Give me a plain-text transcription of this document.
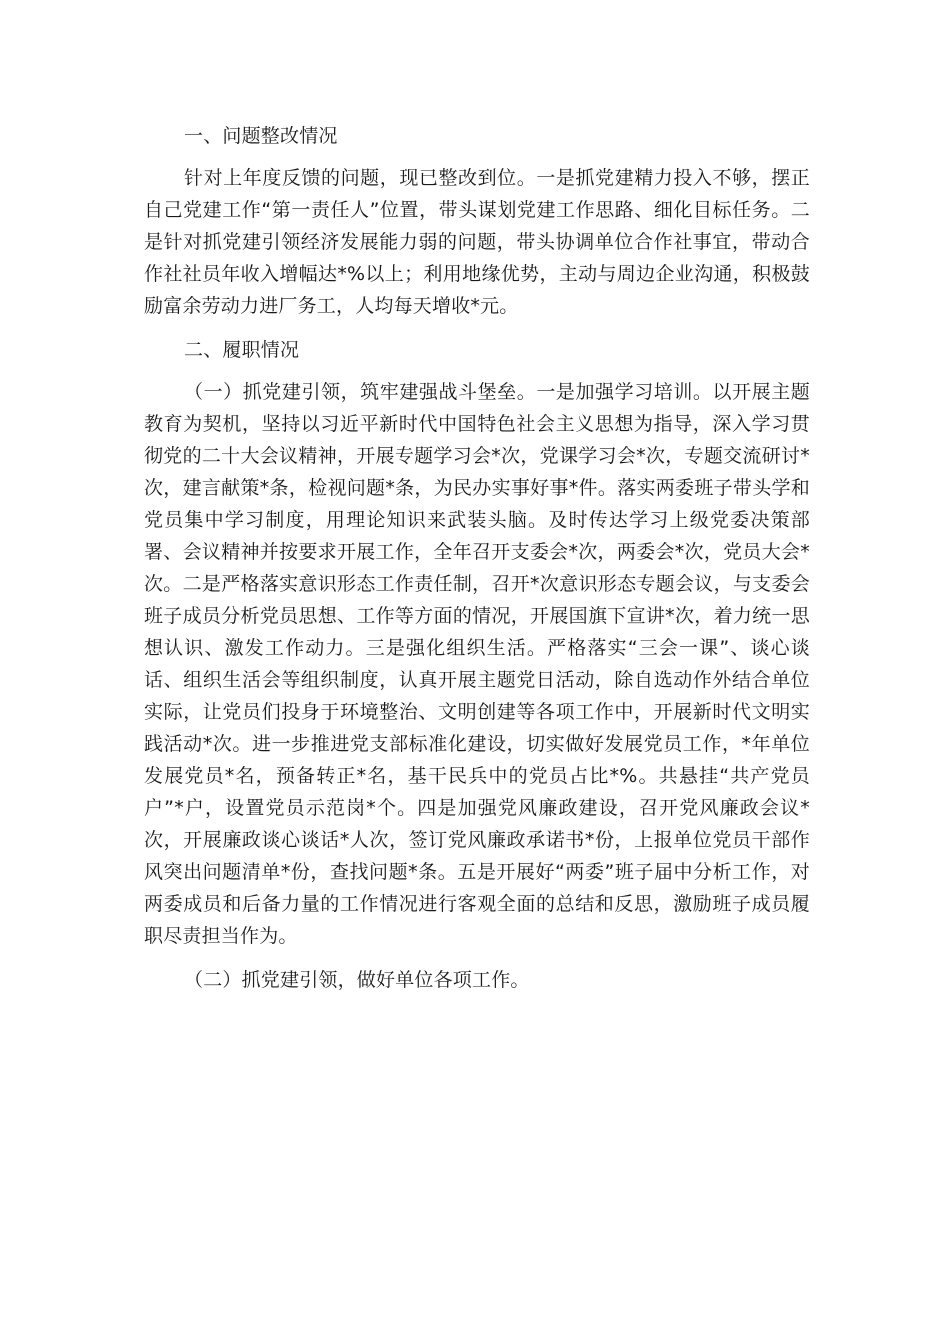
一、问题整改情况

针对上年度反馈的问题，现已整改到位。一是抓党建精力投入不够，摆正自己党建工作“第一责任人”位置，带头谋划党建工作思路、细化目标任务。二是针对抓党建引领经济发展能力弱的问题，带头协调单位合作社事宜，带动合作社社员年收入增幅达*%以上；利用地缘优势，主动与周边企业沟通，积极鼓励富余劳动力进厂务工，人均每天增收*元。

二、履职情况

（一）抓党建引领，筑牢建强战斗堡垒。一是加强学习培训。以开展主题教育为契机，坚持以习近平新时代中国特色社会主义思想为指导，深入学习贯彻党的二十大会议精神，开展专题学习会*次，党课学习会*次，专题交流研讨*次，建言献策*条，检视问题*条，为民办实事好事*件。落实两委班子带头学和党员集中学习制度，用理论知识来武装头脑。及时传达学习上级党委决策部署、会议精神并按要求开展工作，全年召开支委会*次，两委会*次，党员大会*次。二是严格落实意识形态工作责任制，召开*次意识形态专题会议，与支委会班子成员分析党员思想、工作等方面的情况，开展国旗下宣讲*次，着力统一思想认识、激发工作动力。三是强化组织生活。严格落实“三会一课”、谈心谈话、组织生活会等组织制度，认真开展主题党日活动，除自选动作外结合单位实际，让党员们投身于环境整治、文明创建等各项工作中，开展新时代文明实践活动*次。进一步推进党支部标准化建设，切实做好发展党员工作，*年单位发展党员*名，预备转正*名，基干民兵中的党员占比*%。共悬挂“共产党员户”*户，设置党员示范岗*个。四是加强党风廉政建设，召开党风廉政会议*次，开展廉政谈心谈话*人次，签订党风廉政承诺书*份，上报单位党员干部作风突出问题清单*份，查找问题*条。五是开展好“两委”班子届中分析工作，对两委成员和后备力量的工作情况进行客观全面的总结和反思，激励班子成员履职尽责担当作为。

（二）抓党建引领，做好单位各项工作。
